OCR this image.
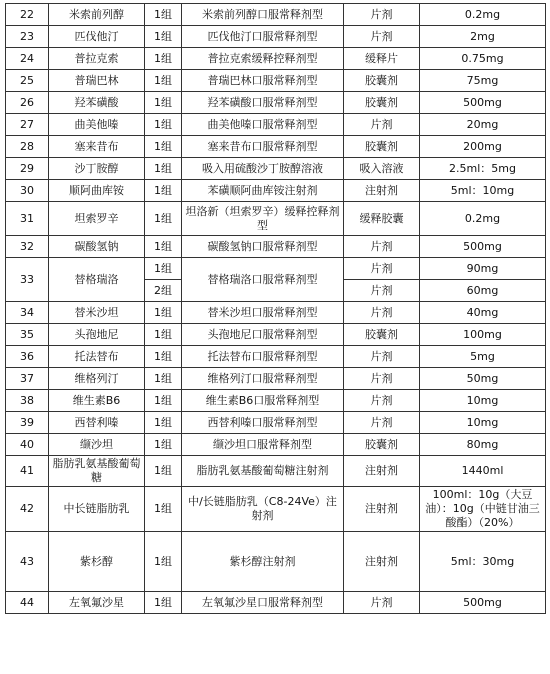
22	米索前列醇	1组	米索前列醇口服常释剂型	片剂	0.2mg
23	匹伐他汀	1组	匹伐他汀口服常释剂型	片剂	2mg
24	普拉克索	1组	普拉克索缓释控释剂型	缓释片	0.75mg
25	普瑞巴林	1组	普瑞巴林口服常释剂型	胶囊剂	75mg
26	羟苯磺酸	1组	羟苯磺酸口服常释剂型	胶囊剂	500mg
27	曲美他嗪	1组	曲美他嗪口服常释剂型	片剂	20mg
28	塞来昔布	1组	塞来昔布口服常释剂型	胶囊剂	200mg
29	沙丁胺醇	1组	吸入用硫酸沙丁胺醇溶液	吸入溶液	2.5ml：5mg
30	顺阿曲库铵	1组	苯磺顺阿曲库铵注射剂	注射剂	5ml：10mg
31	坦索罗辛	1组	坦洛新（坦索罗辛）缓释控释剂型	缓释胶囊	0.2mg
32	碳酸氢钠	1组	碳酸氢钠口服常释剂型	片剂	500mg
33	替格瑞洛	1组	替格瑞洛口服常释剂型	片剂	90mg
		2组		片剂	60mg
34	替米沙坦	1组	替米沙坦口服常释剂型	片剂	40mg
35	头孢地尼	1组	头孢地尼口服常释剂型	胶囊剂	100mg
36	托法替布	1组	托法替布口服常释剂型	片剂	5mg
37	维格列汀	1组	维格列汀口服常释剂型	片剂	50mg
38	维生素B6	1组	维生素B6口服常释剂型	片剂	10mg
39	西替利嗪	1组	西替利嗪口服常释剂型	片剂	10mg
40	缬沙坦	1组	缬沙坦口服常释剂型	胶囊剂	80mg
41	脂肪乳氨基酸葡萄糖	1组	脂肪乳氨基酸葡萄糖注射剂	注射剂	1440ml
42	中长链脂肪乳	1组	中/长链脂肪乳（C8-24Ve）注射剂	注射剂	100ml：10g（大豆油）：10g（中链甘油三酸酯）（20%）
43	紫杉醇	1组	紫杉醇注射剂	注射剂	5ml：30mg
44	左氧氟沙星	1组	左氧氟沙星口服常释剂型	片剂	500mg
